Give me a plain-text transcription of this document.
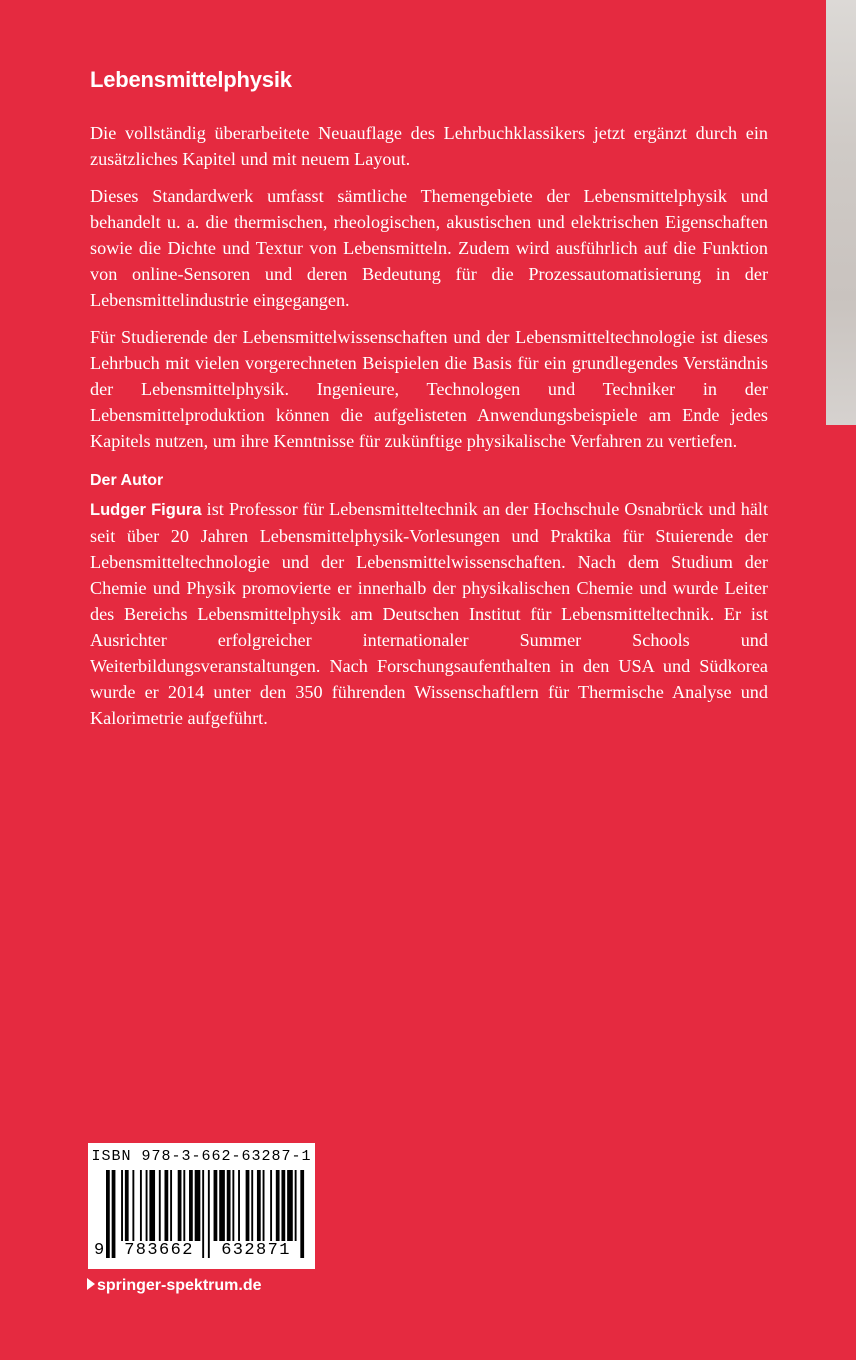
Lebensmittelphysik

Die vollständig überarbeitete Neuauflage des Lehrbuchklassikers jetzt ergänzt durch ein zusätzliches Kapitel und mit neuem Layout.

Dieses Standardwerk umfasst sämtliche Themengebiete der Lebensmittelphysik und behandelt u. a. die thermischen, rheologischen, akustischen und elektrischen Eigenschaften sowie die Dichte und Textur von Lebensmitteln. Zudem wird ausführlich auf die Funktion von online-Sensoren und deren Bedeutung für die Prozessautomatisierung in der Lebensmittelindustrie eingegangen.

Für Studierende der Lebensmittelwissenschaften und der Lebensmitteltechnologie ist dieses Lehrbuch mit vielen vorgerechneten Beispielen die Basis für ein grundlegendes Verständnis der Lebensmittelphysik. Ingenieure, Technologen und Techniker in der Lebensmittelproduktion können die aufgelisteten Anwendungsbeispiele am Ende jedes Kapitels nutzen, um ihre Kenntnisse für zukünftige physikalische Verfahren zu vertiefen.

Der Autor

Ludger Figura ist Professor für Lebensmitteltechnik an der Hochschule Osnabrück und hält seit über 20 Jahren Lebensmittelphysik-Vorlesungen und Praktika für Stuierende der Lebensmitteltechnologie und der Lebensmittelwissenschaften. Nach dem Studium der Chemie und Physik promovierte er innerhalb der physikalischen Chemie und wurde Leiter des Bereichs Lebensmittelphysik am Deutschen Institut für Lebensmitteltechnik. Er ist Ausrichter erfolgreicher internationaler Summer Schools und Weiterbildungsveranstaltungen. Nach Forschungsaufenthalten in den USA und Südkorea wurde er 2014 unter den 350 führenden Wissenschaftlern für Thermische Analyse und Kalorimetrie aufgeführt.

ISBN 978-3-662-63287-1
9	783662	632871
springer-spektrum.de
